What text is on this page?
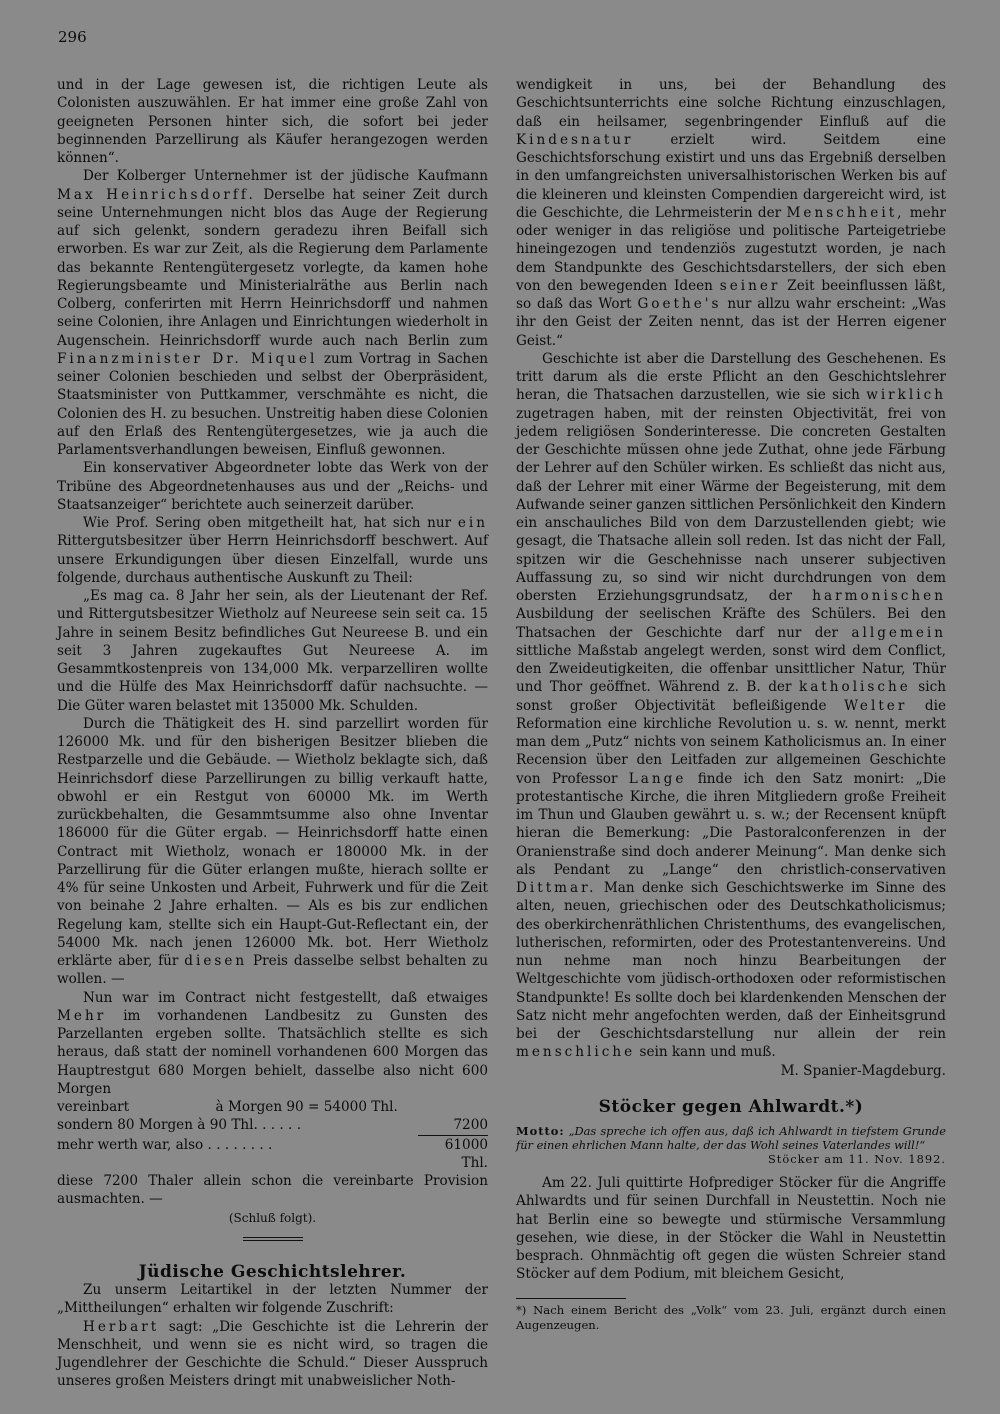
296

und in der Lage gewesen ist, die richtigen Leute als Colonisten auszuwählen. Er hat immer eine große Zahl von geeigneten Personen hinter sich, die sofort bei jeder beginnenden Parzellirung als Käufer herangezogen werden können“.

Der Kolberger Unternehmer ist der jüdische Kaufmann Max Heinrichsdorff. Derselbe hat seiner Zeit durch seine Unternehmungen nicht blos das Auge der Regierung auf sich gelenkt, sondern geradezu ihren Beifall sich erworben. Es war zur Zeit, als die Regierung dem Parlamente das bekannte Rentengütergesetz vorlegte, da kamen hohe Regierungsbeamte und Ministerialräthe aus Berlin nach Colberg, conferirten mit Herrn Heinrichsdorff und nahmen seine Colonien, ihre Anlagen und Einrichtungen wiederholt in Augenschein. Heinrichsdorff wurde auch nach Berlin zum Finanzminister Dr. Miquel zum Vortrag in Sachen seiner Colonien beschieden und selbst der Oberpräsident, Staatsminister von Puttkammer, verschmähte es nicht, die Colonien des H. zu besuchen. Unstreitig haben diese Colonien auf den Erlaß des Rentengütergesetzes, wie ja auch die Parlamentsverhandlungen beweisen, Einfluß gewonnen.

Ein konservativer Abgeordneter lobte das Werk von der Tribüne des Abgeordnetenhauses aus und der „Reichs- und Staatsanzeiger“ berichtete auch seinerzeit darüber.

Wie Prof. Sering oben mitgetheilt hat, hat sich nur ein Rittergutsbesitzer über Herrn Heinrichsdorff beschwert. Auf unsere Erkundigungen über diesen Einzelfall, wurde uns folgende, durchaus authentische Auskunft zu Theil:

„Es mag ca. 8 Jahr her sein, als der Lieutenant der Ref. und Rittergutsbesitzer Wietholz auf Neureese sein seit ca. 15 Jahre in seinem Besitz befindliches Gut Neureese B. und ein seit 3 Jahren zugekauftes Gut Neureese A. im Gesammtkostenpreis von 134,000 Mk. verparzelliren wollte und die Hülfe des Max Heinrichsdorff dafür nachsuchte. — Die Güter waren belastet mit 135000 Mk. Schulden.

Durch die Thätigkeit des H. sind parzellirt worden für 126000 Mk. und für den bisherigen Besitzer blieben die Restparzelle und die Gebäude. — Wietholz beklagte sich, daß Heinrichsdorf diese Parzellirungen zu billig verkauft hatte, obwohl er ein Restgut von 60000 Mk. im Werth zurückbehalten, die Gesammtsumme also ohne Inventar 186000 für die Güter ergab. — Heinrichsdorff hatte einen Contract mit Wietholz, wonach er 180000 Mk. in der Parzellirung für die Güter erlangen mußte, hierach sollte er 4% für seine Unkosten und Arbeit, Fuhrwerk und für die Zeit von beinahe 2 Jahre erhalten. — Als es bis zur endlichen Regelung kam, stellte sich ein Haupt-Gut-Reflectant ein, der 54000 Mk. nach jenen 126000 Mk. bot. Herr Wietholz erklärte aber, für diesen Preis dasselbe selbst behalten zu wollen. —

Nun war im Contract nicht festgestellt, daß etwaiges Mehr im vorhandenen Landbesitz zu Gunsten des Parzellanten ergeben sollte. Thatsächlich stellte es sich heraus, daß statt der nominell vorhandenen 600 Morgen das Hauptrestgut 680 Morgen behielt, dasselbe also nicht 600 Morgen

vereinbart                    à Morgen 90 = 54000 Thl.
sondern 80 Morgen à 90 Thl. . . . . .	7200
mehr werth war, also . . . . . . . .	61000 Thl.

diese 7200 Thaler allein schon die vereinbarte Provision ausmachten. —

(Schluß folgt).

Jüdische Geschichtslehrer.

Zu unserm Leitartikel in der letzten Nummer der „Mittheilungen“ erhalten wir folgende Zuschrift:

Herbart sagt: „Die Geschichte ist die Lehrerin der Menschheit, und wenn sie es nicht wird, so tragen die Jugendlehrer der Geschichte die Schuld.“ Dieser Ausspruch unseres großen Meisters dringt mit unabweislicher Noth-

wendigkeit in uns, bei der Behandlung des Geschichtsunterrichts eine solche Richtung einzuschlagen, daß ein heilsamer, segenbringender Einfluß auf die Kindesnatur	erzielt wird. Seitdem eine Geschichtsforschung existirt und uns das Ergebniß derselben in den umfangreichsten universalhistorischen Werken bis auf die kleineren und kleinsten Compendien dargereicht wird, ist die Geschichte, die Lehrmeisterin der Menschheit, mehr oder weniger in das religiöse und politische Parteigetriebe hineingezogen und tendenziös zugestutzt worden, je nach dem Standpunkte des Geschichtsdarstellers, der sich eben von den bewegenden Ideen seiner Zeit beeinflussen läßt, so daß das Wort Goethe's nur allzu wahr erscheint: „Was ihr den Geist der Zeiten nennt, das ist der Herren eigener Geist.“

Geschichte ist aber die Darstellung des Geschehenen. Es tritt darum als die erste Pflicht an den Geschichtslehrer heran, die Thatsachen darzustellen, wie sie sich wirklich zugetragen haben, mit der reinsten Objectivität, frei von jedem religiösen Sonderinteresse. Die concreten Gestalten der Geschichte müssen ohne jede Zuthat, ohne jede Färbung der Lehrer auf den Schüler wirken. Es schließt das nicht aus, daß der Lehrer mit einer Wärme der Begeisterung, mit dem Aufwande seiner ganzen sittlichen Persönlichkeit den Kindern ein anschauliches Bild von dem Darzustellenden giebt; wie gesagt, die Thatsache allein soll reden. Ist das nicht der Fall, spitzen wir die Geschehnisse nach unserer subjectiven Auffassung zu, so sind wir nicht durchdrungen von dem obersten Erziehungsgrundsatz, der harmonischen Ausbildung der seelischen Kräfte des Schülers. Bei den Thatsachen der Geschichte darf nur der allgemein sittliche Maßstab angelegt werden, sonst wird dem Conflict, den Zweideutigkeiten, die offenbar unsittlicher Natur, Thür und Thor geöffnet. Während z. B. der katholische sich sonst großer Objectivität befleißigende Welter die Reformation eine kirchliche Revolution u. s. w. nennt, merkt man dem „Putz“ nichts von seinem Katholicismus an. In einer Recension über den Leitfaden zur allgemeinen Geschichte von Professor Lange finde ich den Satz monirt: „Die protestantische Kirche, die ihren Mitgliedern große Freiheit im Thun und Glauben gewährt u. s. w.; der Recensent knüpft hieran die Bemerkung: „Die Pastoralconferenzen in der Oranienstraße sind doch anderer Meinung“. Man denke sich als Pendant zu „Lange“ den christlich-conservativen Dittmar. Man denke sich Geschichtswerke im Sinne des alten, neuen, griechischen oder des Deutschkatholicismus; des oberkirchenräthlichen Christenthums, des evangelischen, lutherischen, reformirten, oder des Protestantenvereins. Und nun nehme man noch hinzu Bearbeitungen der Weltgeschichte vom jüdisch-orthodoxen oder reformistischen Standpunkte! Es sollte doch bei klardenkenden Menschen der Satz nicht mehr angefochten werden, daß der Einheitsgrund bei der Geschichtsdarstellung nur allein der rein menschliche sein kann und muß.

M. Spanier-Magdeburg.

Stöcker gegen Ahlwardt.*)

Motto: „Das spreche ich offen aus, daß ich Ahlwardt in tiefstem Grunde für einen ehrlichen Mann halte, der das Wohl seines Vaterlandes will!“
Stöcker am 11. Nov. 1892.

Am 22. Juli quittirte Hofprediger Stöcker für die Angriffe Ahlwardts und für seinen Durchfall in Neustettin. Noch nie hat Berlin eine so bewegte und stürmische Versammlung gesehen, wie diese, in der Stöcker die Wahl in Neustettin besprach. Ohnmächtig oft gegen die wüsten Schreier stand Stöcker auf dem Podium, mit bleichem Gesicht,

*) Nach einem Bericht des „Volk“ vom 23. Juli, ergänzt durch einen Augenzeugen.
